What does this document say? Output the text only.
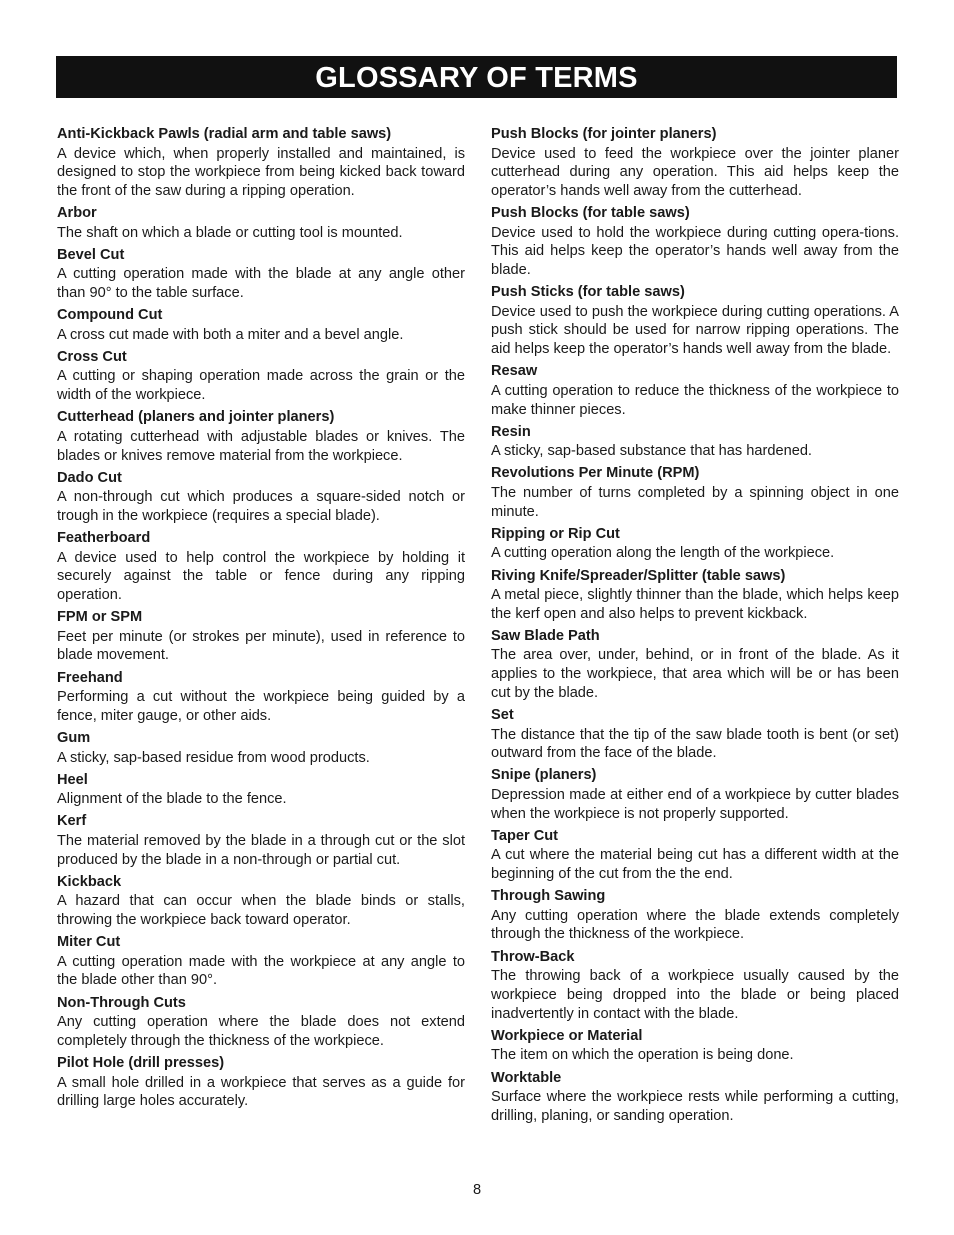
GLOSSARY OF TERMS
Anti-Kickback Pawls (radial arm and table saws)
A device which, when properly installed and maintained, is designed to stop the workpiece from being kicked back toward the front of the saw during a ripping operation.
Arbor
The shaft on which a blade or cutting tool is mounted.
Bevel Cut
A cutting operation made with the blade at any angle other than 90° to the table surface.
Compound Cut
A cross cut made with both a miter and a bevel angle.
Cross Cut
A cutting or shaping operation made across the grain or the width of the workpiece.
Cutterhead (planers and jointer planers)
A rotating cutterhead with adjustable blades or knives. The blades or knives remove material from the workpiece.
Dado Cut
A non-through cut which produces a square-sided notch or trough in the workpiece (requires a special blade).
Featherboard
A device used to help control the workpiece by holding it securely against the table or fence during any ripping operation.
FPM or SPM
Feet per minute (or strokes per minute), used in reference to blade movement.
Freehand
Performing a cut without the workpiece being guided by a fence, miter gauge, or other aids.
Gum
A sticky, sap-based residue from wood products.
Heel
Alignment of the blade to the fence.
Kerf
The material removed by the blade in a through cut or the slot produced by the blade in a non-through or partial cut.
Kickback
A hazard that can occur when the blade binds or stalls, throwing the workpiece back toward operator.
Miter Cut
A cutting operation made with the workpiece at any angle to the blade other than 90°.
Non-Through Cuts
Any cutting operation where the blade does not extend completely through the thickness of the workpiece.
Pilot Hole (drill presses)
A small hole drilled in a workpiece that serves as a guide for drilling large holes accurately.
Push Blocks (for jointer planers)
Device used to feed the workpiece over the jointer planer cutterhead during any operation. This aid helps keep the operator’s hands well away from the cutterhead.
Push Blocks (for table saws)
Device used to hold the workpiece during cutting opera-tions. This aid helps keep the operator’s hands well away from the blade.
Push Sticks (for table saws)
Device used to push the workpiece during cutting operations. A push stick should be used for narrow ripping operations. The aid helps keep the operator’s hands well away from the blade.
Resaw
A cutting operation to reduce the thickness of the workpiece to make thinner pieces.
Resin
A sticky, sap-based substance that has hardened.
Revolutions Per Minute (RPM)
The number of turns completed by a spinning object in one minute.
Ripping or Rip Cut
A cutting operation along the length of the workpiece.
Riving Knife/Spreader/Splitter (table saws)
A metal piece, slightly thinner than the blade, which helps keep the kerf open and also helps to prevent kickback.
Saw Blade Path
The area over, under, behind, or in front of the blade. As it applies to the workpiece, that area which will be or has been cut by the blade.
Set
The distance that the tip of the saw blade tooth is bent (or set) outward from the face of the blade.
Snipe (planers)
Depression made at either end of a workpiece by cutter blades when the workpiece is not properly supported.
Taper Cut
A cut where the material being cut has a different width at the beginning of the cut from the the end.
Through Sawing
Any cutting operation where the blade extends completely through the thickness of the workpiece.
Throw-Back
The throwing back of a workpiece usually caused by the workpiece being dropped into the blade or being placed inadvertently in contact with the blade.
Workpiece or Material
The item on which the operation is being done.
Worktable
Surface where the workpiece rests while performing a cutting, drilling, planing, or sanding operation.
8
